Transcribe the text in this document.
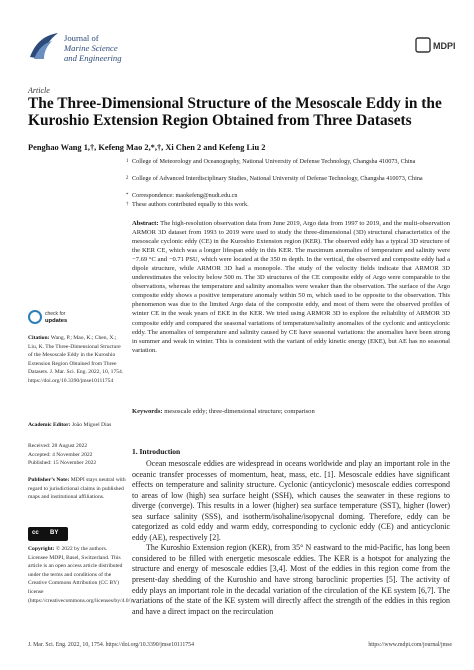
Journal of
Marine Science
and Engineering
MDPI
Article
The Three-Dimensional Structure of the Mesoscale Eddy in the Kuroshio Extension Region Obtained from Three Datasets
Penghao Wang 1,†, Kefeng Mao 2,*,†, Xi Chen 2 and Kefeng Liu 2
1 College of Meteorology and Oceanography, National University of Defense Technology, Changsha 410073, China
2 College of Advanced Interdisciplinary Studies, National University of Defense Technology, Changsha 410073, China
* Correspondence: maokefeng@nudt.edu.cn
† These authors contributed equally to this work.
check for
updates
Citation: Wang, P.; Mao, K.; Chen, X.; Liu, K. The Three-Dimensional Structure of the Mesoscale Eddy in the Kuroshio Extension Region Obtained from Three Datasets. J. Mar. Sci. Eng. 2022, 10, 1754. https://doi.org/10.3390/jmse10111754
Academic Editor: João Miguel Dias
Received: 28 August 2022
Accepted: 4 November 2022
Published: 15 November 2022
Publisher’s Note: MDPI stays neutral with regard to jurisdictional claims in published maps and institutional affiliations.
cc BY
Copyright: © 2022 by the authors. Licensee MDPI, Basel, Switzerland. This article is an open access article distributed under the terms and conditions of the Creative Commons Attribution (CC BY) license (https://creativecommons.org/licenses/by/4.0/).
Abstract: The high-resolution observation data from June 2019, Argo data from 1997 to 2019, and the multi-observation ARMOR 3D dataset from 1993 to 2019 were used to study the three-dimensional (3D) structural characteristics of the mesoscale cyclonic eddy (CE) in the Kuroshio Extension region (KER). The observed eddy has a typical 3D structure of the KER CE, which was a longer lifespan eddy in this KER. The maximum anomalies of temperature and salinity were −7.69 °C and −0.71 PSU, which were located at the 350 m depth. In the vertical, the observed and composite eddy had a dipole structure, while ARMOR 3D had a monopole. The study of the velocity fields indicate that ARMOR 3D underestimates the velocity below 500 m. The 3D structures of the CE composite eddy of Argo were comparable to the observations, whereas the temperature and salinity anomalies were weaker than the observation. The surface of the Argo composite eddy shows a positive temperature anomaly within 50 m, which used to be opposite to the observation. This phenomenon was due to the limited Argo data of the composite eddy, and most of them were the observed profiles of winter CE in the weak years of EKE in the KER. We tried using ARMOR 3D to explore the reliability of ARMOR 3D composite eddy and compared the seasonal variations of temperature/salinity anomalies of the cyclonic and anticyclonic eddy. The anomalies of temperature and salinity caused by CE have seasonal variations: the anomalies have been strong in summer and weak in winter. This is consistent with the variant of eddy kinetic energy (EKE), but AE has no seasonal variation.
Keywords: mesoscale eddy; three-dimensional structure; comparison
1. Introduction

Ocean mesoscale eddies are widespread in oceans worldwide and play an important role in the oceanic transfer processes of momentum, heat, mass, etc. [1]. Mesoscale eddies have significant effects on temperature and salinity structure. Cyclonic (anticyclonic) mesoscale eddies correspond to areas of low (high) sea surface height (SSH), which causes the seawater in these regions to diverge (converge). This results in a lower (higher) sea surface temperature (SST), higher (lower) sea surface salinity (SSS), and isotherm/isohaline/isopycnal doming. Therefore, eddy can be categorized as cold eddy and warm eddy, corresponding to cyclonic eddy (CE) and anticyclonic eddy (AE), respectively [2].

The Kuroshio Extension region (KER), from 35° N eastward to the mid-Pacific, has long been considered to be filled with energetic mesoscale eddies. The KER is a hotspot for analyzing the structure and energy of mesoscale eddies [3,4]. Most of the eddies in this region come from the present-day shedding of the Kuroshio and have strong baroclinic properties [5]. The activity of eddy plays an important role in the decadal variation of the circulation of the KE system [6,7]. The variations of the state of the KE system will directly affect the strength of the eddies in this region and have a direct impact on the recirculation

J. Mar. Sci. Eng. 2022, 10, 1754. https://doi.org/10.3390/jmse10111754	https://www.mdpi.com/journal/jmse
